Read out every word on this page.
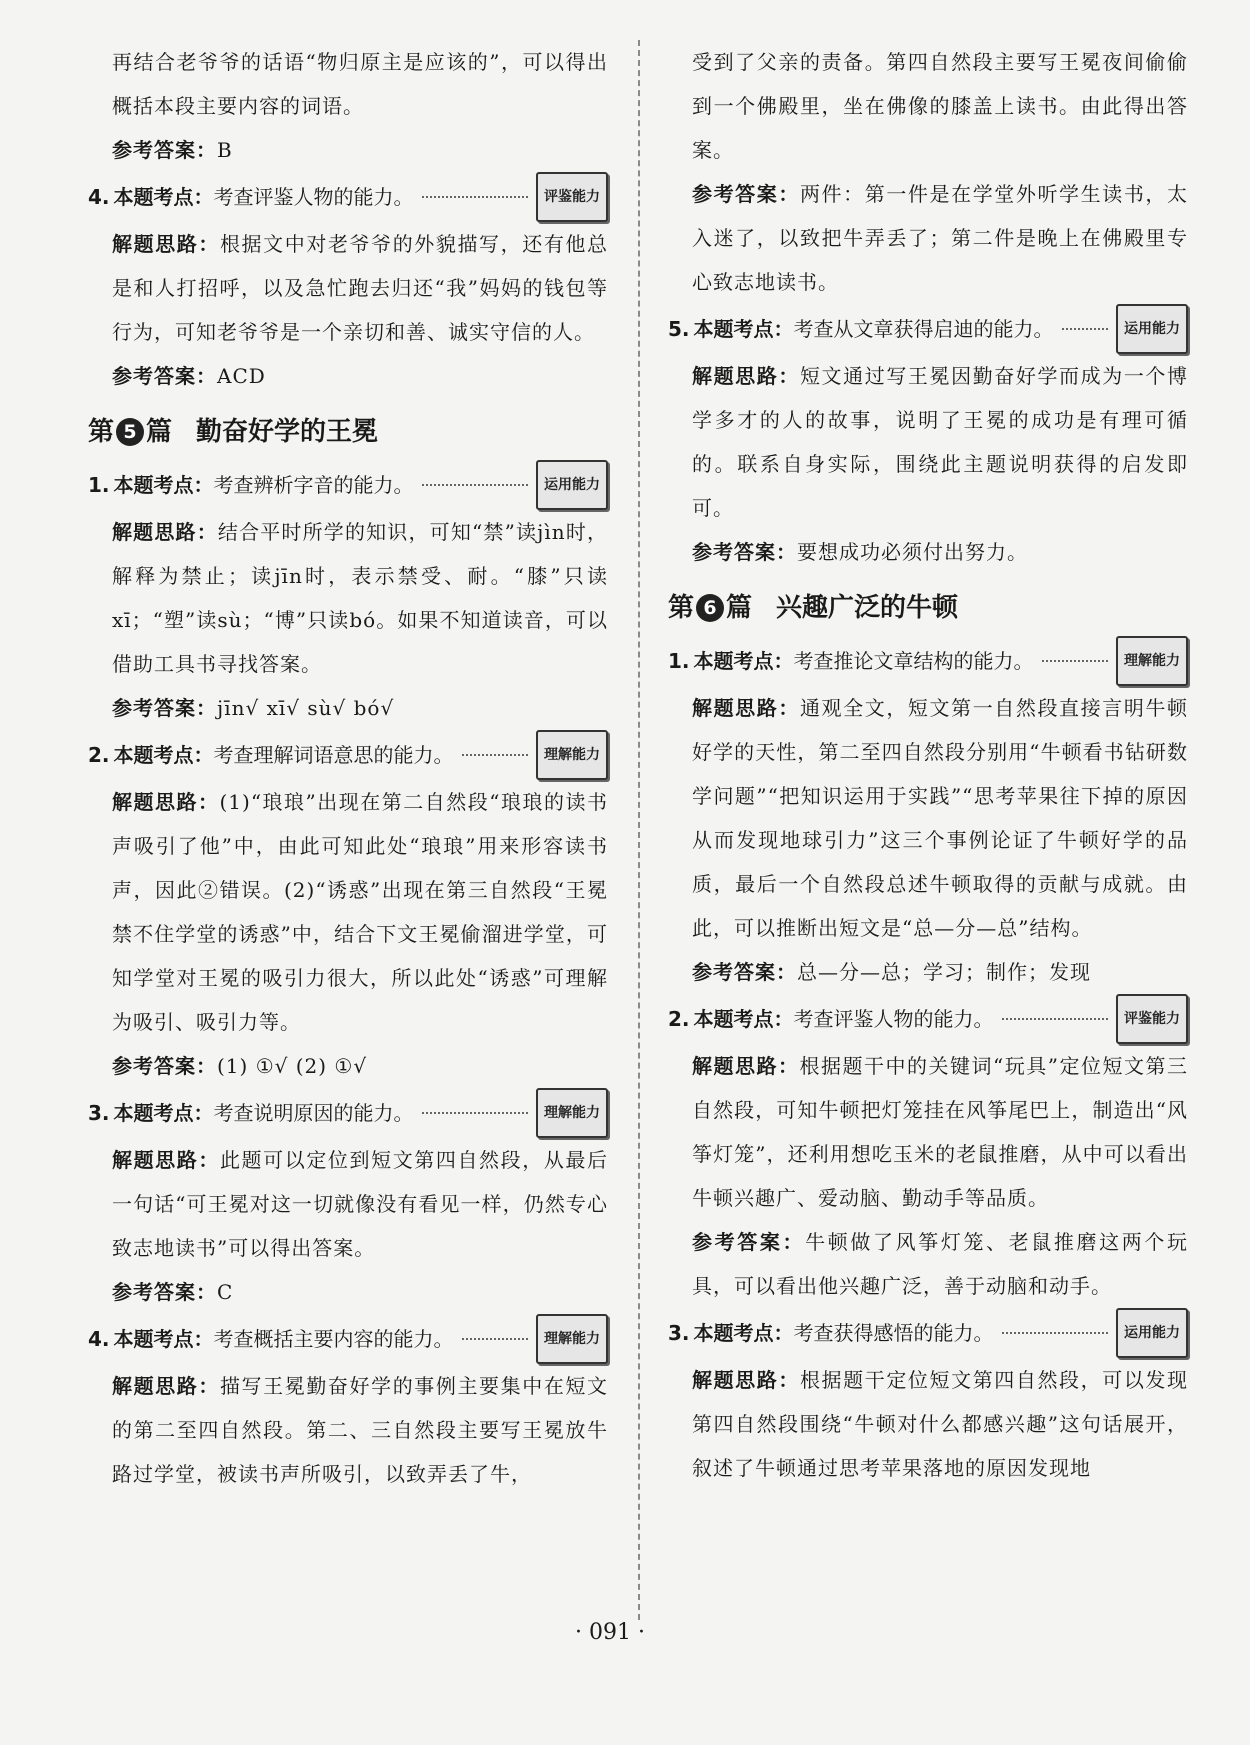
再结合老爷爷的话语“物归原主是应该的”，可以得出概括本段主要内容的词语。

参考答案：B

4. 本题考点： 考查评鉴人物的能力。	评鉴能力

解题思路：根据文中对老爷爷的外貌描写，还有他总是和人打招呼，以及急忙跑去归还“我”妈妈的钱包等行为，可知老爷爷是一个亲切和善、诚实守信的人。

参考答案：ACD

第 5 篇 勤奋好学的王冕
1. 本题考点： 考查辨析字音的能力。	运用能力

解题思路：结合平时所学的知识，可知“禁”读jìn时，解释为禁止；读jīn时，表示禁受、耐。“膝”只读xī；“塑”读sù；“博”只读bó。如果不知道读音，可以借助工具书寻找答案。

参考答案：jīn√ xī√ sù√ bó√

2. 本题考点： 考查理解词语意思的能力。	理解能力

解题思路：(1)“琅琅”出现在第二自然段“琅琅的读书声吸引了他”中，由此可知此处“琅琅”用来形容读书声，因此②错误。(2)“诱惑”出现在第三自然段“王冕禁不住学堂的诱惑”中，结合下文王冕偷溜进学堂，可知学堂对王冕的吸引力很大，所以此处“诱惑”可理解为吸引、吸引力等。

参考答案：(1) ①√ (2) ①√

3. 本题考点： 考查说明原因的能力。	理解能力

解题思路：此题可以定位到短文第四自然段，从最后一句话“可王冕对这一切就像没有看见一样，仍然专心致志地读书”可以得出答案。

参考答案：C

4. 本题考点： 考查概括主要内容的能力。	理解能力

解题思路：描写王冕勤奋好学的事例主要集中在短文的第二至四自然段。第二、三自然段主要写王冕放牛路过学堂，被读书声所吸引，以致弄丢了牛，

受到了父亲的责备。第四自然段主要写王冕夜间偷偷到一个佛殿里，坐在佛像的膝盖上读书。由此得出答案。

参考答案：两件：第一件是在学堂外听学生读书，太入迷了，以致把牛弄丢了；第二件是晚上在佛殿里专心致志地读书。

5. 本题考点： 考查从文章获得启迪的能力。	运用能力

解题思路：短文通过写王冕因勤奋好学而成为一个博学多才的人的故事，说明了王冕的成功是有理可循的。联系自身实际，围绕此主题说明获得的启发即可。

参考答案：要想成功必须付出努力。

第 6 篇 兴趣广泛的牛顿
1. 本题考点： 考查推论文章结构的能力。	理解能力

解题思路：通观全文，短文第一自然段直接言明牛顿好学的天性，第二至四自然段分别用“牛顿看书钻研数学问题”“把知识运用于实践”“思考苹果往下掉的原因从而发现地球引力”这三个事例论证了牛顿好学的品质，最后一个自然段总述牛顿取得的贡献与成就。由此，可以推断出短文是“总—分—总”结构。

参考答案：总—分—总；学习；制作；发现

2. 本题考点： 考查评鉴人物的能力。	评鉴能力

解题思路：根据题干中的关键词“玩具”定位短文第三自然段，可知牛顿把灯笼挂在风筝尾巴上，制造出“风筝灯笼”，还利用想吃玉米的老鼠推磨，从中可以看出牛顿兴趣广、爱动脑、勤动手等品质。

参考答案：牛顿做了风筝灯笼、老鼠推磨这两个玩具，可以看出他兴趣广泛，善于动脑和动手。

3. 本题考点： 考查获得感悟的能力。	运用能力

解题思路：根据题干定位短文第四自然段，可以发现第四自然段围绕“牛顿对什么都感兴趣”这句话展开，叙述了牛顿通过思考苹果落地的原因发现地

· 091 ·
